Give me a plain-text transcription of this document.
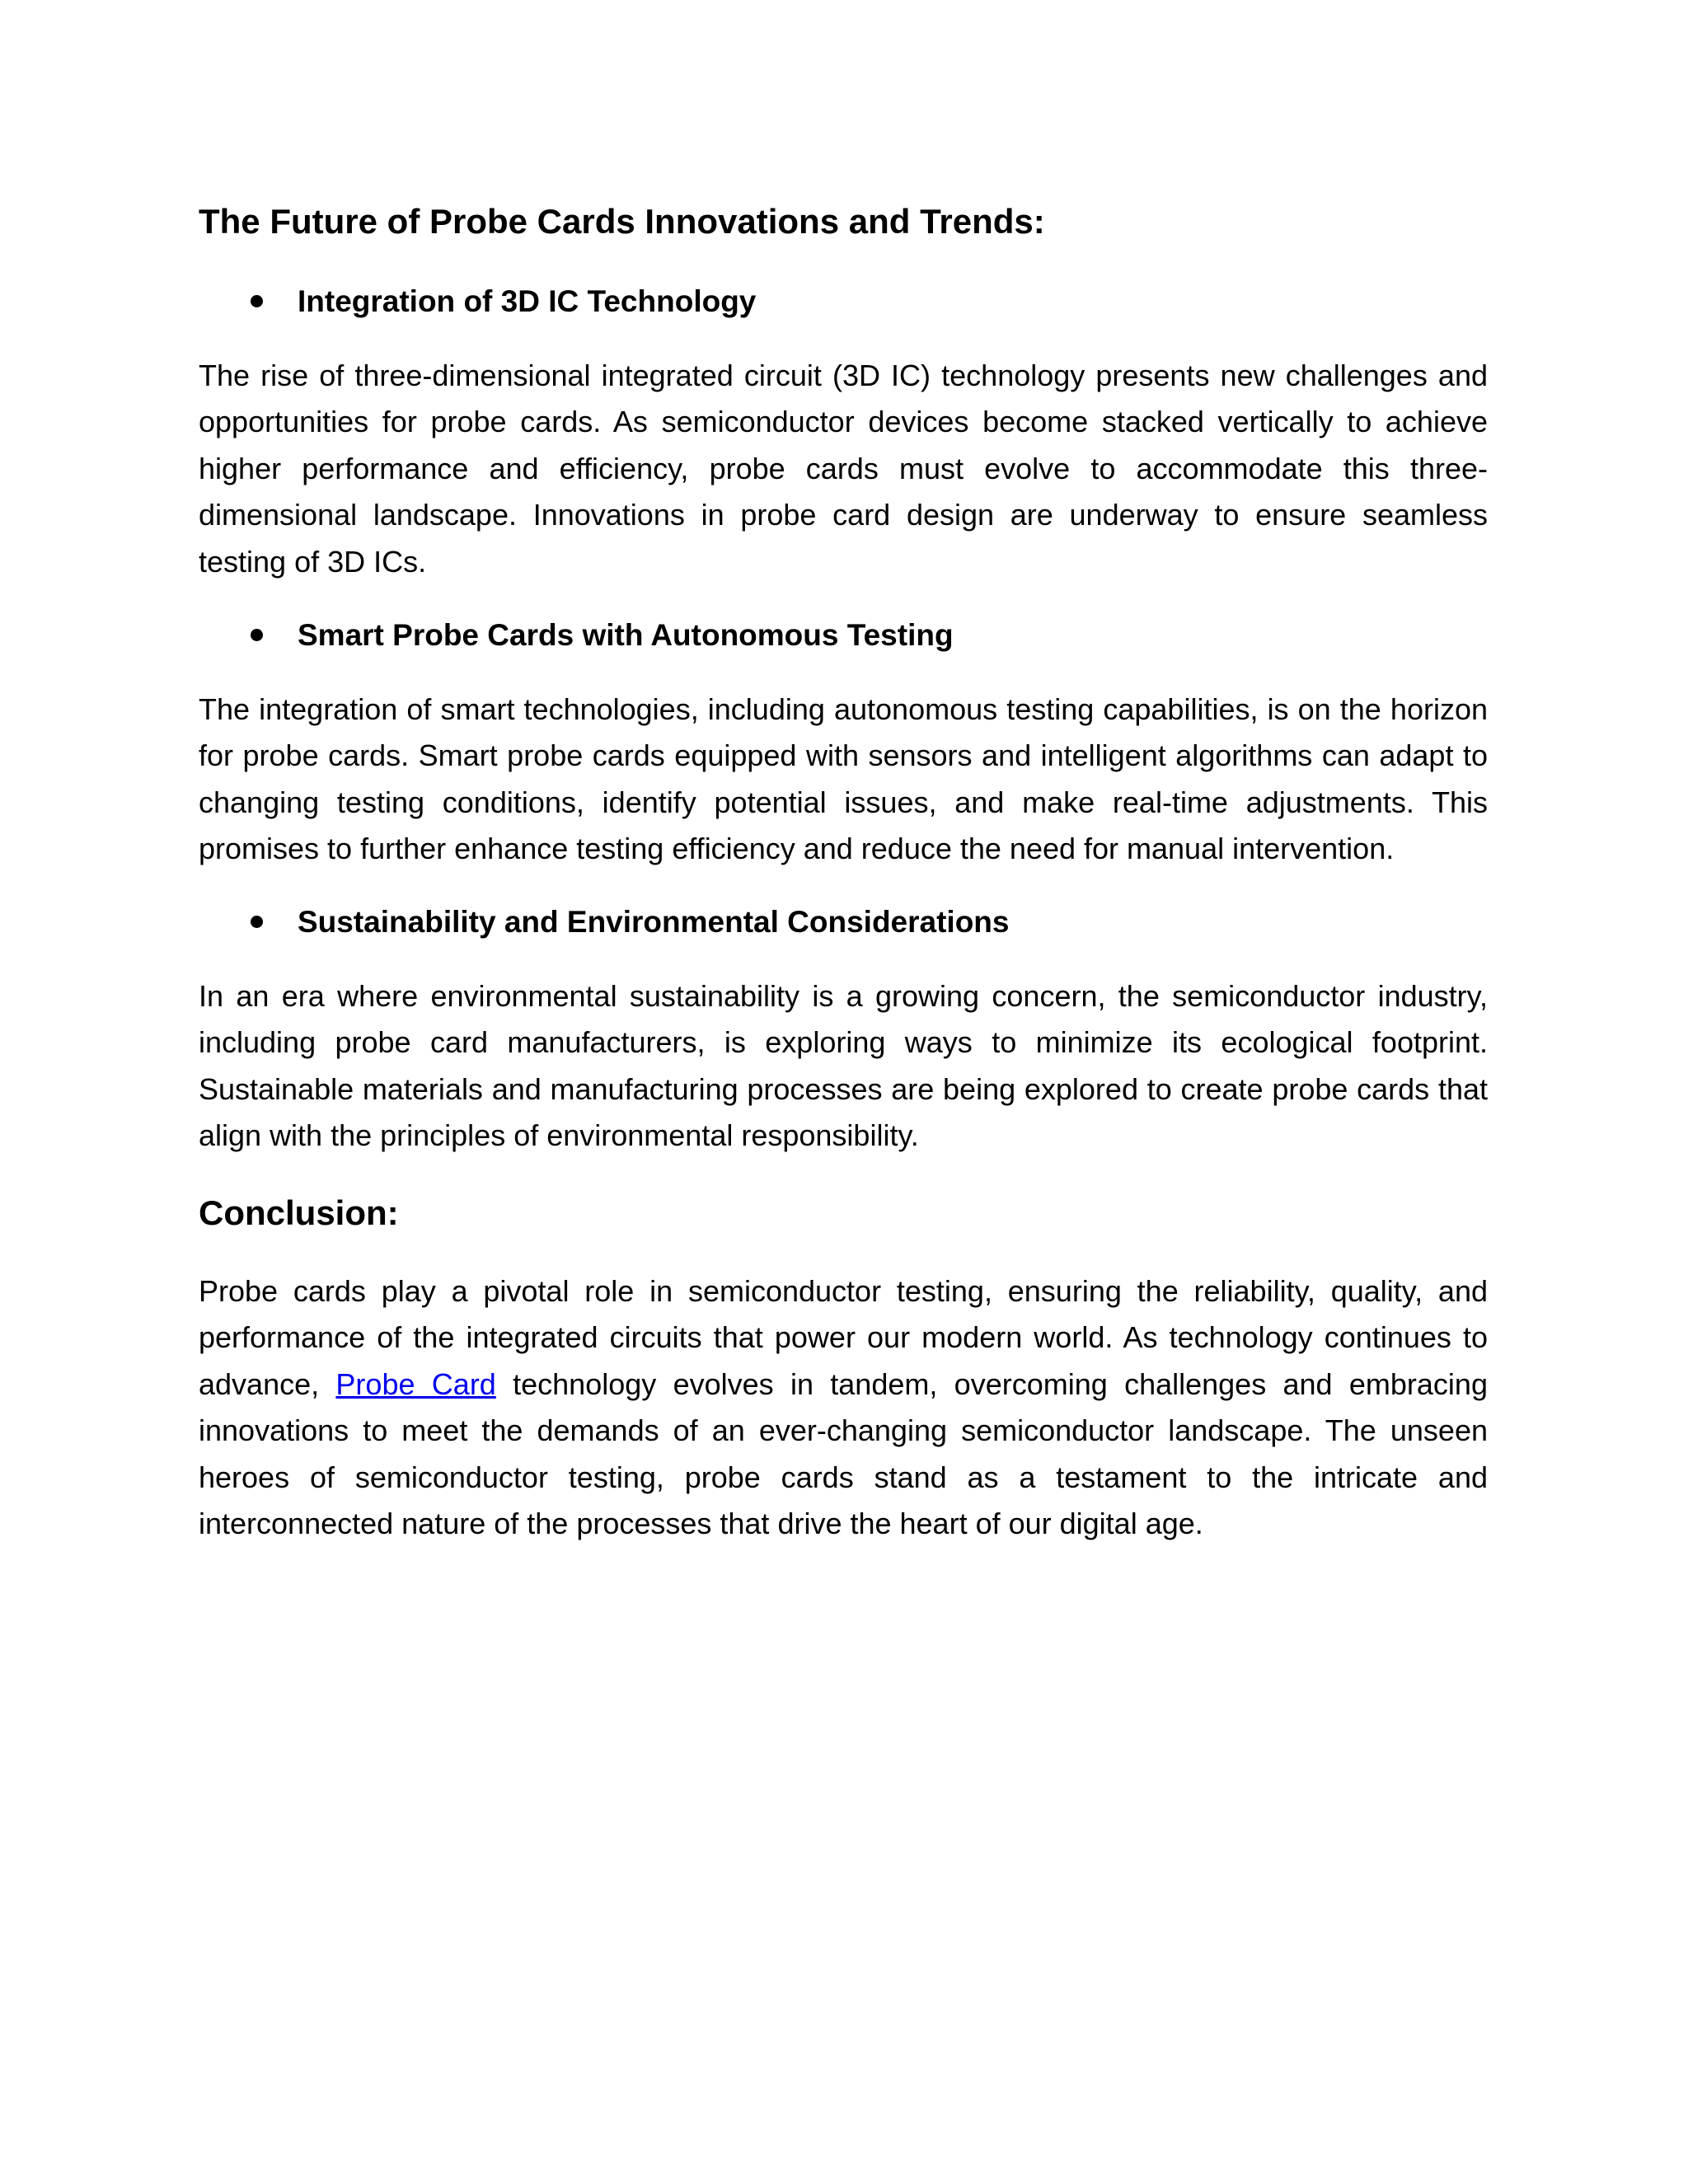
The Future of Probe Cards Innovations and Trends:
Integration of 3D IC Technology

The rise of three-dimensional integrated circuit (3D IC) technology presents new challenges and opportunities for probe cards. As semiconductor devices become stacked vertically to achieve higher performance and efficiency, probe cards must evolve to accommodate this three-dimensional landscape. Innovations in probe card design are underway to ensure seamless testing of 3D ICs.

Smart Probe Cards with Autonomous Testing

The integration of smart technologies, including autonomous testing capabilities, is on the horizon for probe cards. Smart probe cards equipped with sensors and intelligent algorithms can adapt to changing testing conditions, identify potential issues, and make real-time adjustments. This promises to further enhance testing efficiency and reduce the need for manual intervention.

Sustainability and Environmental Considerations

In an era where environmental sustainability is a growing concern, the semiconductor industry, including probe card manufacturers, is exploring ways to minimize its ecological footprint. Sustainable materials and manufacturing processes are being explored to create probe cards that align with the principles of environmental responsibility.

Conclusion:

Probe cards play a pivotal role in semiconductor testing, ensuring the reliability, quality, and performance of the integrated circuits that power our modern world. As technology continues to advance, Probe Card technology evolves in tandem, overcoming challenges and embracing innovations to meet the demands of an ever-changing semiconductor landscape. The unseen heroes of semiconductor testing, probe cards stand as a testament to the intricate and interconnected nature of the processes that drive the heart of our digital age.
